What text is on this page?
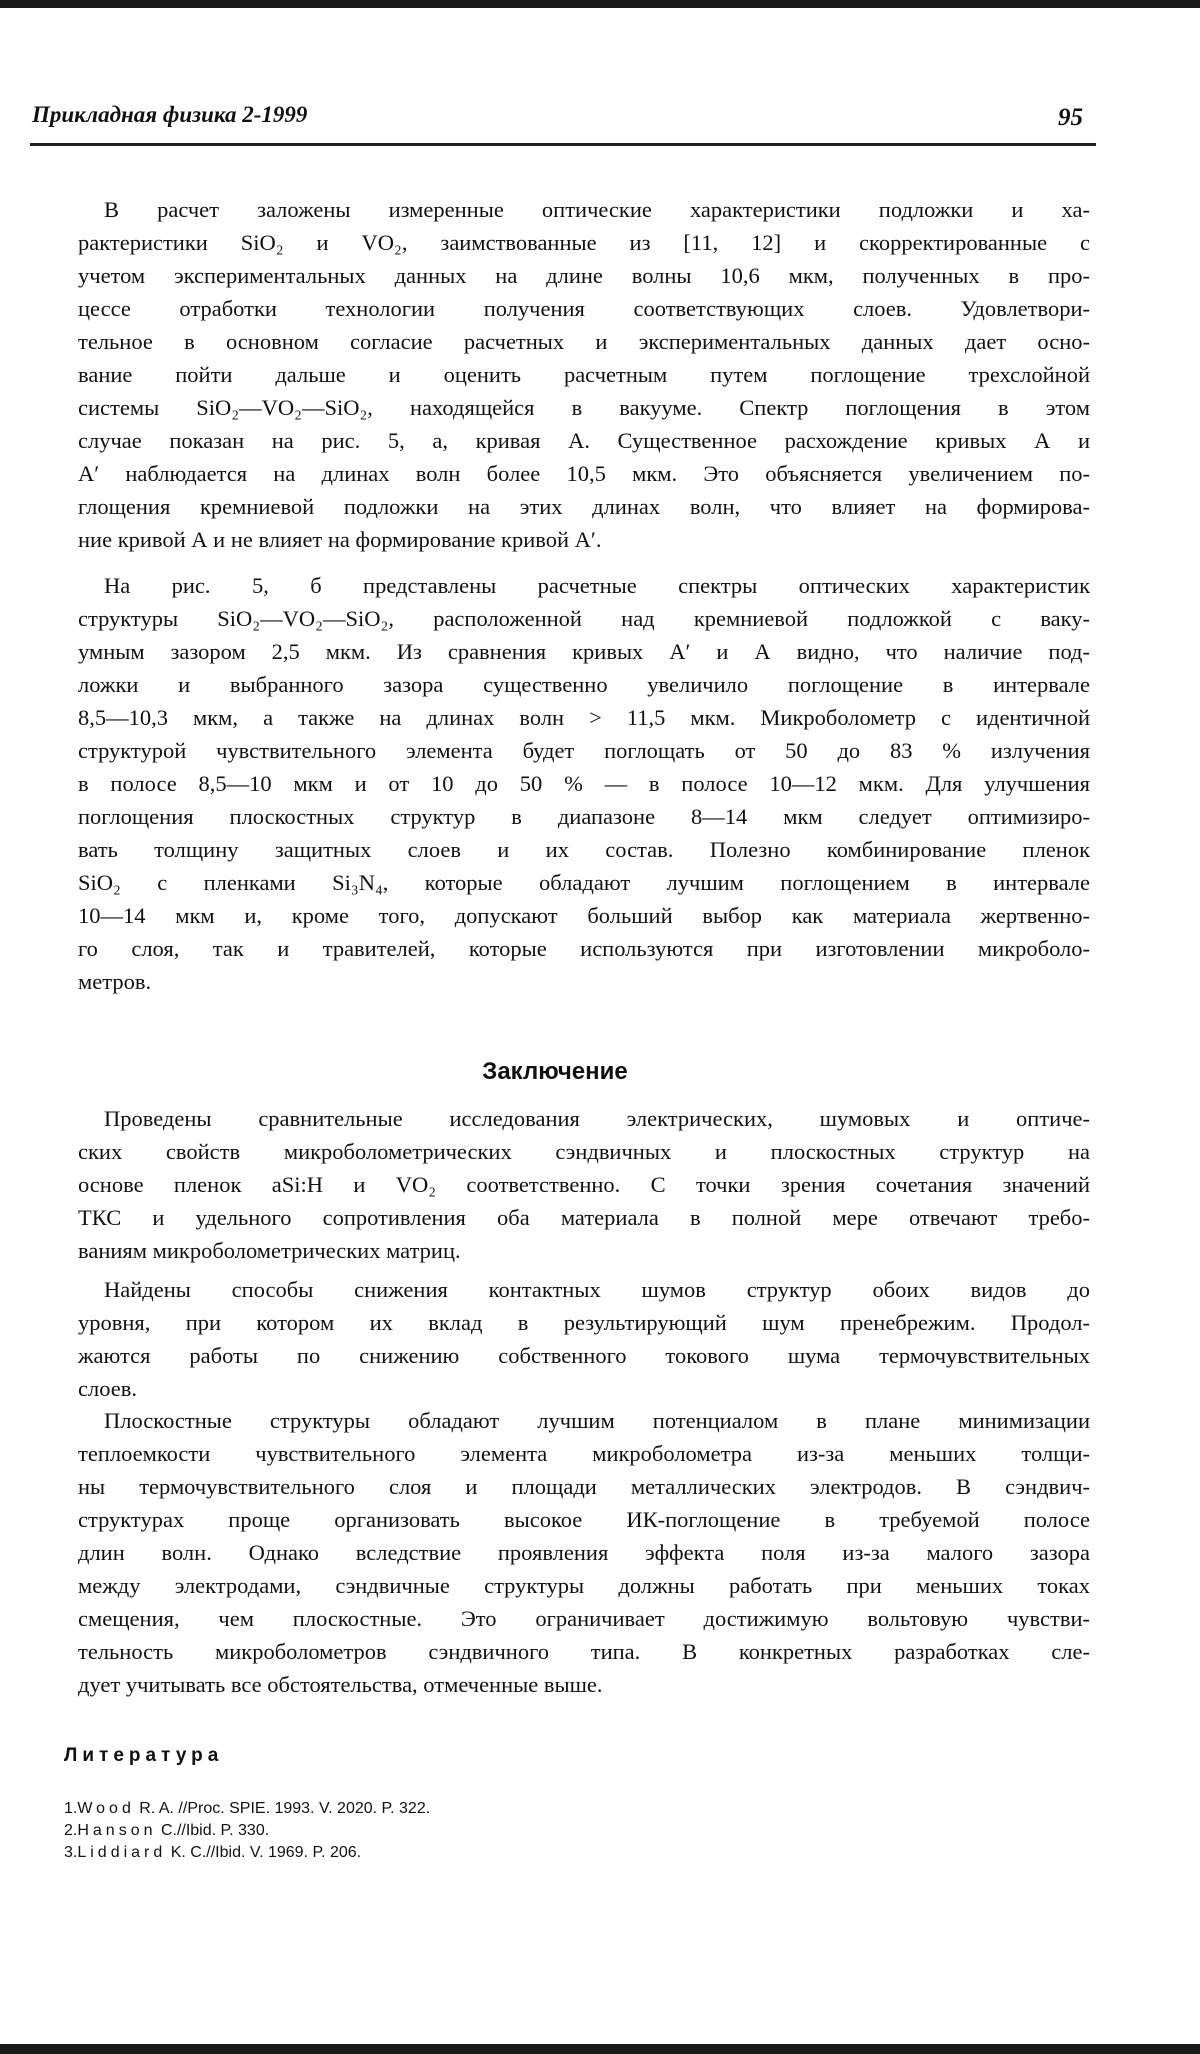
Прикладная физика 2-1999	95
В расчет заложены измеренные оптические характеристики подложки и ха-
рактеристики SiO₂ и VO₂, заимствованные из [11, 12] и скорректированные с
учетом экспериментальных данных на длине волны 10,6 мкм, полученных в про-
цессе отработки технологии получения соответствующих слоев. Удовлетвори-
тельное в основном согласие расчетных и экспериментальных данных дает осно-
вание пойти дальше и оценить расчетным путем поглощение трехслойной
системы SiO₂—VO₂—SiO₂, находящейся в вакууме. Спектр поглощения в этом
случае показан на рис. 5, а, кривая А. Существенное расхождение кривых А и
А′ наблюдается на длинах волн более 10,5 мкм. Это объясняется увеличением по-
глощения кремниевой подложки на этих длинах волн, что влияет на формирова-
ние кривой А и не влияет на формирование кривой А′.
На рис. 5, б представлены расчетные спектры оптических характеристик
структуры SiO₂—VO₂—SiO₂, расположенной над кремниевой подложкой с ваку-
умным зазором 2,5 мкм. Из сравнения кривых А′ и А видно, что наличие под-
ложки и выбранного зазора существенно увеличило поглощение в интервале
8,5—10,3 мкм, а также на длинах волн > 11,5 мкм. Микроболометр с идентичной
структурой чувствительного элемента будет поглощать от 50 до 83 % излучения
в полосе 8,5—10 мкм и от 10 до 50 % — в полосе 10—12 мкм. Для улучшения
поглощения плоскостных структур в диапазоне 8—14 мкм следует оптимизиро-
вать толщину защитных слоев и их состав. Полезно комбинирование пленок
SiO₂ с пленками Si₃N₄, которые обладают лучшим поглощением в интервале
10—14 мкм и, кроме того, допускают больший выбор как материала жертвенно-
го слоя, так и травителей, которые используются при изготовлении микроболо-
метров.
Заключение
Проведены сравнительные исследования электрических, шумовых и оптиче-
ских свойств микроболометрических сэндвичных и плоскостных структур на
основе пленок aSi:H и VO₂ соответственно. С точки зрения сочетания значений
ТКС и удельного сопротивления оба материала в полной мере отвечают требо-
ваниям микроболометрических матриц.
Найдены способы снижения контактных шумов структур обоих видов до
уровня, при котором их вклад в результирующий шум пренебрежим. Продол-
жаются работы по снижению собственного токового шума термочувствительных
слоев.
Плоскостные структуры обладают лучшим потенциалом в плане минимизации
теплоемкости чувствительного элемента микроболометра из-за меньших толщи-
ны термочувствительного слоя и площади металлических электродов. В сэндвич-
структурах проще организовать высокое ИК-поглощение в требуемой полосе
длин волн. Однако вследствие проявления эффекта поля из-за малого зазора
между электродами, сэндвичные структуры должны работать при меньших токах
смещения, чем плоскостные. Это ограничивает достижимую вольтовую чувстви-
тельность микроболометров сэндвичного типа. В конкретных разработках сле-
дует учитывать все обстоятельства, отмеченные выше.
Литература
1.Wood R. A. //Proc. SPIE. 1993. V. 2020. P. 322.
2.Hanson C.//Ibid. P. 330.
3.Liddiard K. C.//Ibid. V. 1969. P. 206.
